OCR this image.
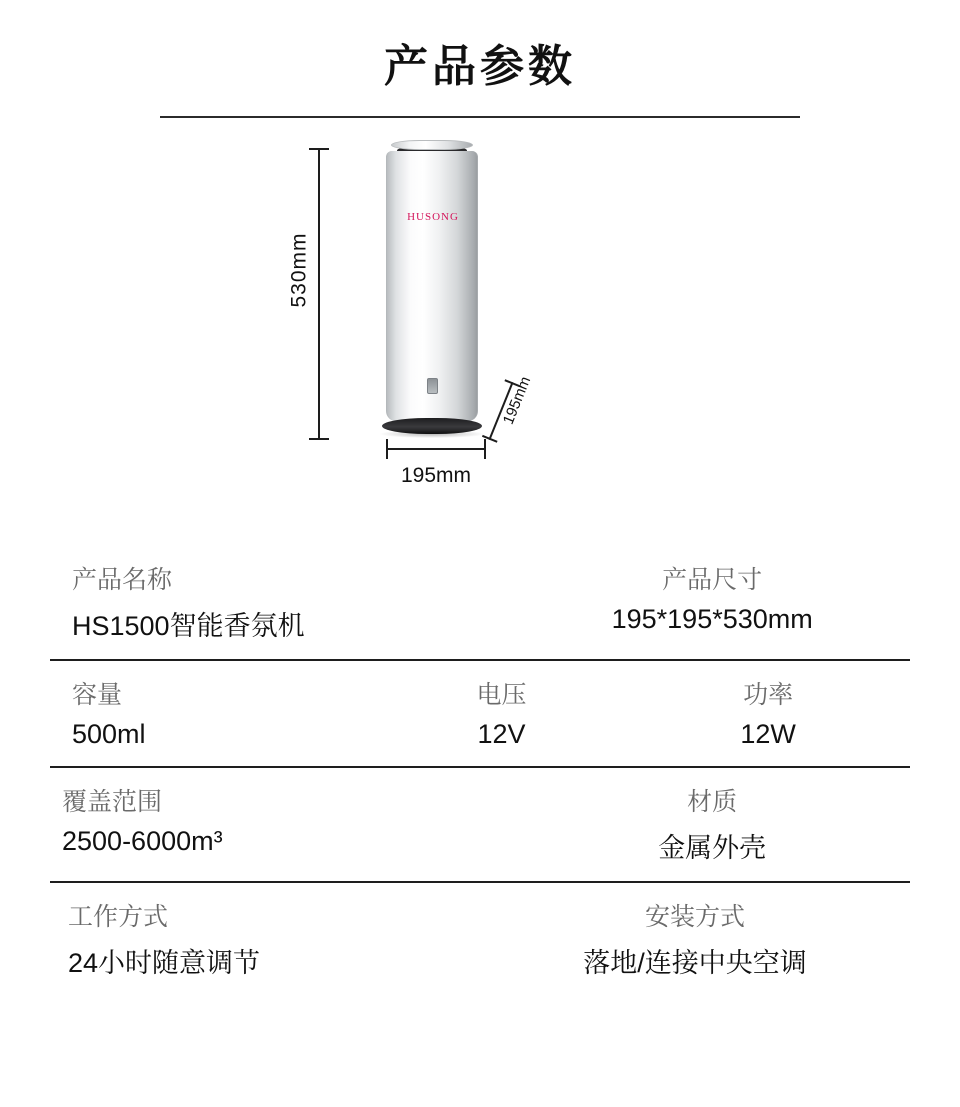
产品参数
530mm
HUSONG
195mm
195mm
产品名称	产品尺寸
HS1500智能香氛机	195*195*530mm
容量	电压	功率
500ml	12V	12W
覆盖范围	材质
2500-6000m³	金属外壳
工作方式	安装方式
24小时随意调节	落地/连接中央空调
